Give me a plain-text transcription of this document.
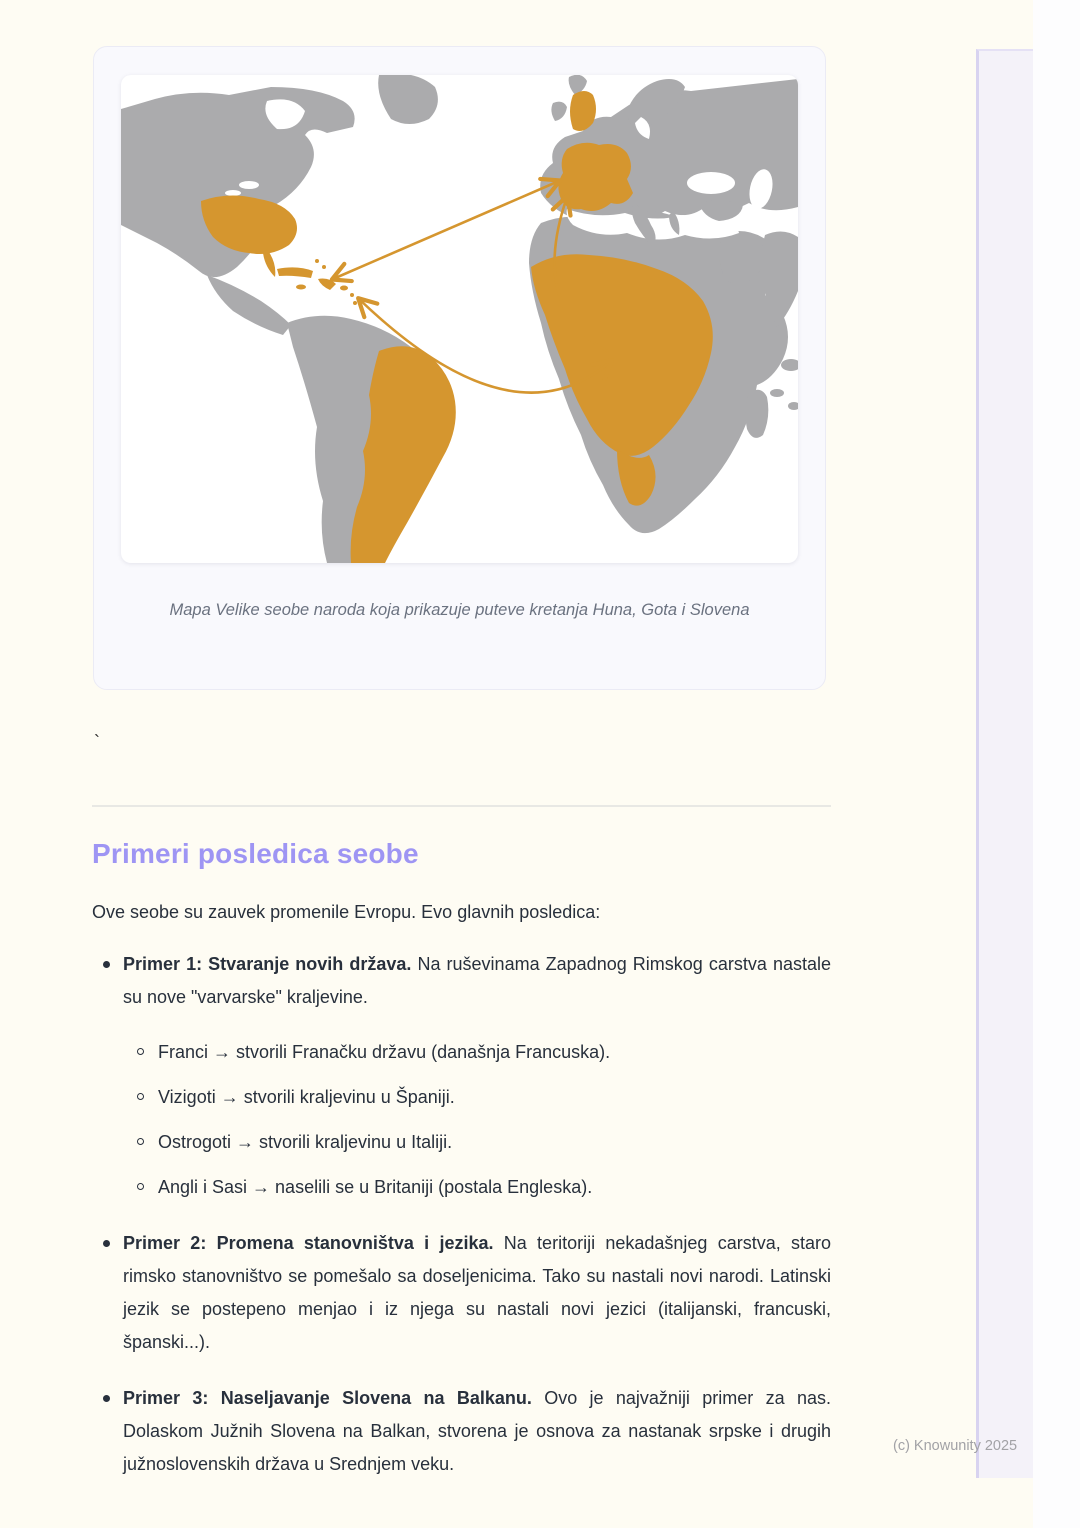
Mapa Velike seobe naroda koja prikazuje puteve kretanja Huna, Gota i Slovena
`
Primeri posledica seobe

Ove seobe su zauvek promenile Evropu. Evo glavnih posledica:

Primer 1: Stvaranje novih država. Na ruševinama Zapadnog Rimskog carstva nastale su nove "varvarske" kraljevine.
Franci → stvorili Franačku državu (današnja Francuska).
Vizigoti → stvorili kraljevinu u Španiji.
Ostrogoti → stvorili kraljevinu u Italiji.
Angli i Sasi → naselili se u Britaniji (postala Engleska).
Primer 2: Promena stanovništva i jezika. Na teritoriji nekadašnjeg carstva, staro rimsko stanovništvo se pomešalo sa doseljenicima. Tako su nastali novi narodi. Latinski jezik se postepeno menjao i iz njega su nastali novi jezici (italijanski, francuski, španski...).
Primer 3: Naseljavanje Slovena na Balkanu. Ovo je najvažniji primer za nas. Dolaskom Južnih Slovena na Balkan, stvorena je osnova za nastanak srpske i drugih južnoslovenskih država u Srednjem veku.
(c) Knowunity 2025
